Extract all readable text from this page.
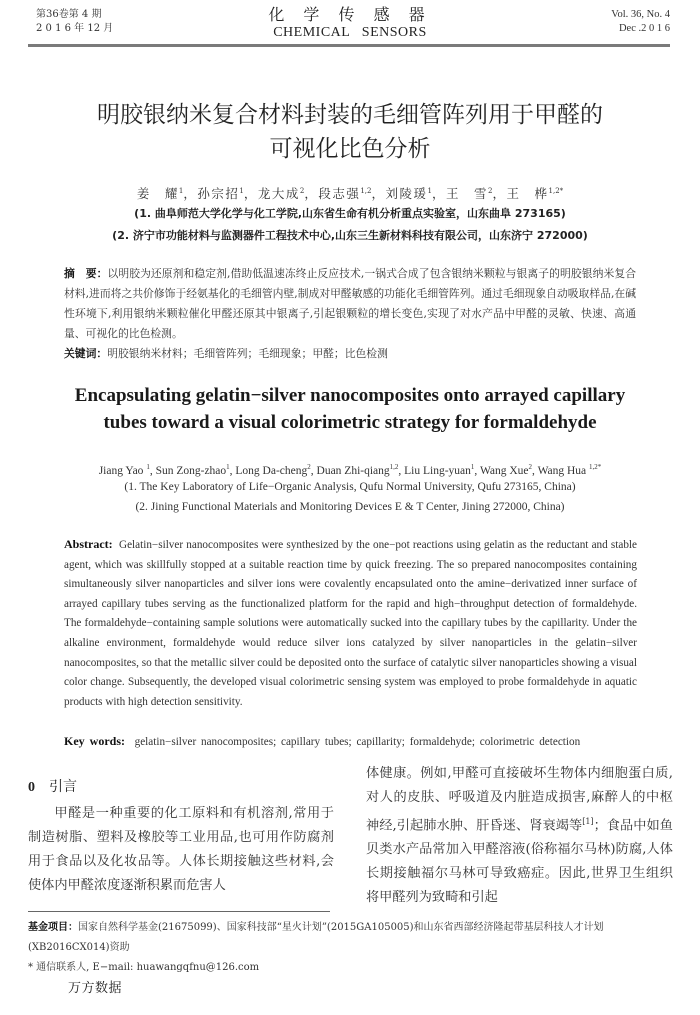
第36卷第 4 期
2 0 1 6 年 12 月
化 学 传 感 器
CHEMICAL SENSORS
Vol. 36, No. 4
Dec .2 0 1 6
明胶银纳米复合材料封装的毛细管阵列用于甲醛的
可视化比色分析
姜　耀$^1$，孙宗招$^1$，龙大成$^2$，段志强$^{1,2}$，刘陵瑗$^1$，王　雪$^2$，王　桦$^{1,2*}$
(1. 曲阜师范大学化学与化工学院,山东省生命有机分析重点实验室，山东曲阜 273165)
(2. 济宁市功能材料与监测器件工程技术中心,山东三生新材料科技有限公司，山东济宁 272000)
摘　要：以明胶为还原剂和稳定剂,借助低温速冻终止反应技术,一锅式合成了包含银纳米颗粒与银离子的明胶银纳米复合材料,进而将之共价修饰于经氨基化的毛细管内壁,制成对甲醛敏感的功能化毛细管阵列。通过毛细现象自动吸取样品,在碱性环境下,利用银纳米颗粒催化甲醛还原其中银离子,引起银颗粒的增长变色,实现了对水产品中甲醛的灵敏、快速、高通量、可视化的比色检测。
关键词：明胶银纳米材料；毛细管阵列；毛细现象；甲醛；比色检测
Encapsulating gelatin−silver nanocomposites onto arrayed capillary
tubes toward a visual colorimetric strategy for formaldehyde
Jiang Yao $^1$, Sun Zong-zhao$^1$, Long Da-cheng$^2$, Duan Zhi-qiang$^{1,2}$, Liu Ling-yuan$^1$, Wang Xue$^2$, Wang Hua $^{1,2*}$
(1. The Key Laboratory of Life−Organic Analysis, Qufu Normal University, Qufu 273165, China)
(2. Jining Functional Materials and Monitoring Devices E & T Center, Jining 272000, China)
Abstract: Gelatin−silver nanocomposites were synthesized by the one−pot reactions using gelatin as the reductant and stable agent, which was skillfully stopped at a suitable reaction time by quick freezing. The so prepared nanocomposites containing simultaneously silver nanoparticles and silver ions were covalently encapsulated onto the amine−derivatized inner surface of arrayed capillary tubes serving as the functionalized platform for the rapid and high−throughput detection of formaldehyde. The formaldehyde−containing sample solutions were automatically sucked into the capillary tubes by the capillarity. Under the alkaline environment, formaldehyde would reduce silver ions catalyzed by silver nanoparticles in the gelatin−silver nanocomposites, so that the metallic silver could be deposited onto the surface of catalytic silver nanoparticles showing a visual color change. Subsequently, the developed visual colorimetric sensing system was employed to probe formaldehyde in aquatic products with high detection sensitivity.
Key words: gelatin−silver nanocomposites; capillary tubes; capillarity; formaldehyde; colorimetric detection
0 引言
甲醛是一种重要的化工原料和有机溶剂,常用于制造树脂、塑料及橡胶等工业用品,也可用作防腐剂用于食品以及化妆品等。人体长期接触这些材料,会使体内甲醛浓度逐渐积累而危害人
体健康。例如,甲醛可直接破坏生物体内细胞蛋白质,对人的皮肤、呼吸道及内脏造成损害,麻醉人的中枢神经,引起肺水肿、肝昏迷、肾衰竭等[1]；食品中如鱼贝类水产品常加入甲醛溶液(俗称福尔马林)防腐,人体长期接触福尔马林可导致癌症。因此,世界卫生组织将甲醛列为致畸和引起
基金项目：国家自然科学基金(21675099)、国家科技部“星火计划”(2015GA105005)和山东省西部经济隆起带基层科技人才计划(XB2016CX014)资助
* 通信联系人, E−mail: huawangqfnu@126.com
万方数据
